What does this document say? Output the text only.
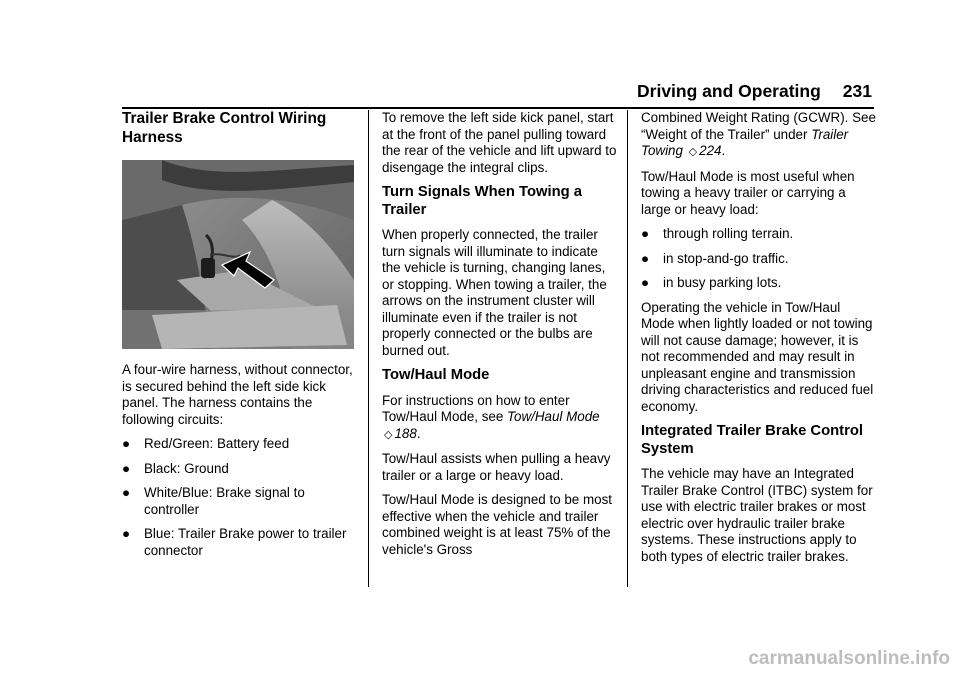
Driving and Operating 231
Trailer Brake Control Wiring Harness

A four-wire harness, without connector, is secured behind the left side kick panel. The harness contains the following circuits:

●	Red/Green: Battery feed
●	Black: Ground
●	White/Blue: Brake signal to controller
●	Blue: Trailer Brake power to trailer connector

To remove the left side kick panel, start at the front of the panel pulling toward the rear of the vehicle and lift upward to disengage the integral clips.

Turn Signals When Towing a Trailer

When properly connected, the trailer turn signals will illuminate to indicate the vehicle is turning, changing lanes, or stopping. When towing a trailer, the arrows on the instrument cluster will illuminate even if the trailer is not properly connected or the bulbs are burned out.

Tow/Haul Mode

For instructions on how to enter Tow/Haul Mode, see Tow/Haul Mode ◇ 188.

Tow/Haul assists when pulling a heavy trailer or a large or heavy load.

Tow/Haul Mode is designed to be most effective when the vehicle and trailer combined weight is at least 75% of the vehicle's Gross

Combined Weight Rating (GCWR). See “Weight of the Trailer” under Trailer Towing ◇ 224.

Tow/Haul Mode is most useful when towing a heavy trailer or carrying a large or heavy load:

●	through rolling terrain.
●	in stop-and-go traffic.
●	in busy parking lots.

Operating the vehicle in Tow/Haul Mode when lightly loaded or not towing will not cause damage; however, it is not recommended and may result in unpleasant engine and transmission driving characteristics and reduced fuel economy.

Integrated Trailer Brake Control System

The vehicle may have an Integrated Trailer Brake Control (ITBC) system for use with electric trailer brakes or most electric over hydraulic trailer brake systems. These instructions apply to both types of electric trailer brakes.

carmanualsonline.info
